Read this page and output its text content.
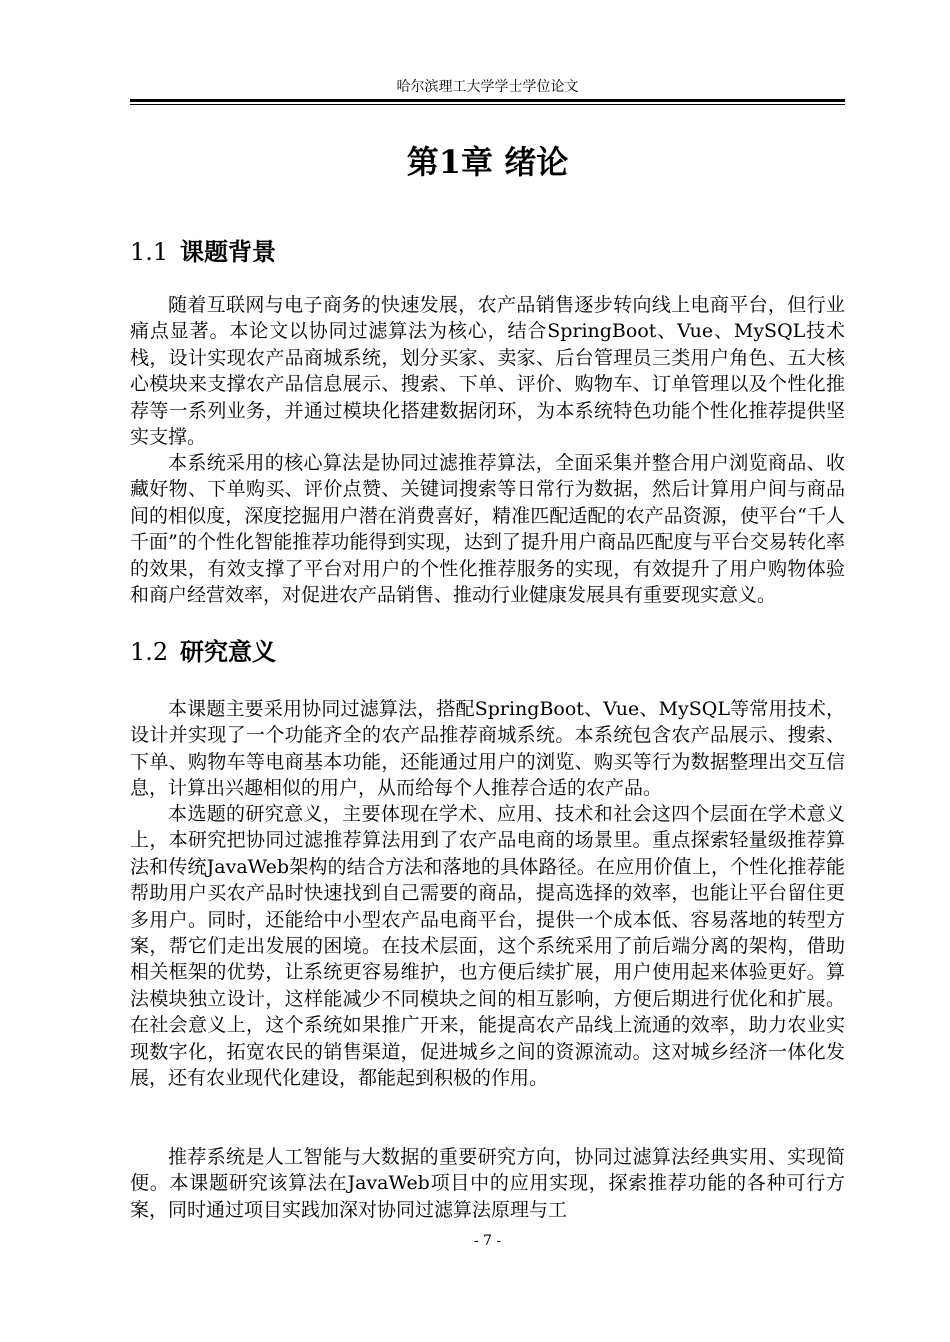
哈尔滨理工大学学士学位论文
第1章 绪论
1.1 课题背景

随着互联网与电子商务的快速发展，农产品销售逐步转向线上电商平台，但行业痛点显著。本论文以协同过滤算法为核心，结合SpringBoot、Vue、MySQL技术栈，设计实现农产品商城系统，划分买家、卖家、后台管理员三类用户角色、五大核心模块来支撑农产品信息展示、搜索、下单、评价、购物车、订单管理以及个性化推荐等一系列业务，并通过模块化搭建数据闭环，为本系统特色功能个性化推荐提供坚实支撑。

本系统采用的核心算法是协同过滤推荐算法，全面采集并整合用户浏览商品、收藏好物、下单购买、评价点赞、关键词搜索等日常行为数据，然后计算用户间与商品间的相似度，深度挖掘用户潜在消费喜好，精准匹配适配的农产品资源，使平台“千人千面”的个性化智能推荐功能得到实现，达到了提升用户商品匹配度与平台交易转化率的效果，有效支撑了平台对用户的个性化推荐服务的实现，有效提升了用户购物体验和商户经营效率，对促进农产品销售、推动行业健康发展具有重要现实意义。

1.2 研究意义

本课题主要采用协同过滤算法，搭配SpringBoot、Vue、MySQL等常用技术，设计并实现了一个功能齐全的农产品推荐商城系统。本系统包含农产品展示、搜索、下单、购物车等电商基本功能，还能通过用户的浏览、购买等行为数据整理出交互信息，计算出兴趣相似的用户，从而给每个人推荐合适的农产品。

本选题的研究意义，主要体现在学术、应用、技术和社会这四个层面在学术意义上，本研究把协同过滤推荐算法用到了农产品电商的场景里。重点探索轻量级推荐算法和传统JavaWeb架构的结合方法和落地的具体路径。在应用价值上，个性化推荐能帮助用户买农产品时快速找到自己需要的商品，提高选择的效率，也能让平台留住更多用户。同时，还能给中小型农产品电商平台，提供一个成本低、容易落地的转型方案，帮它们走出发展的困境。在技术层面，这个系统采用了前后端分离的架构，借助相关框架的优势，让系统更容易维护，也方便后续扩展，用户使用起来体验更好。算法模块独立设计，这样能减少不同模块之间的相互影响，方便后期进行优化和扩展。在社会意义上，这个系统如果推广开来，能提高农产品线上流通的效率，助力农业实现数字化，拓宽农民的销售渠道，促进城乡之间的资源流动。这对城乡经济一体化发展，还有农业现代化建设，都能起到积极的作用。

推荐系统是人工智能与大数据的重要研究方向，协同过滤算法经典实用、实现简便。本课题研究该算法在JavaWeb项目中的应用实现，探索推荐功能的各种可行方案，同时通过项目实践加深对协同过滤算法原理与工

- 7 -
